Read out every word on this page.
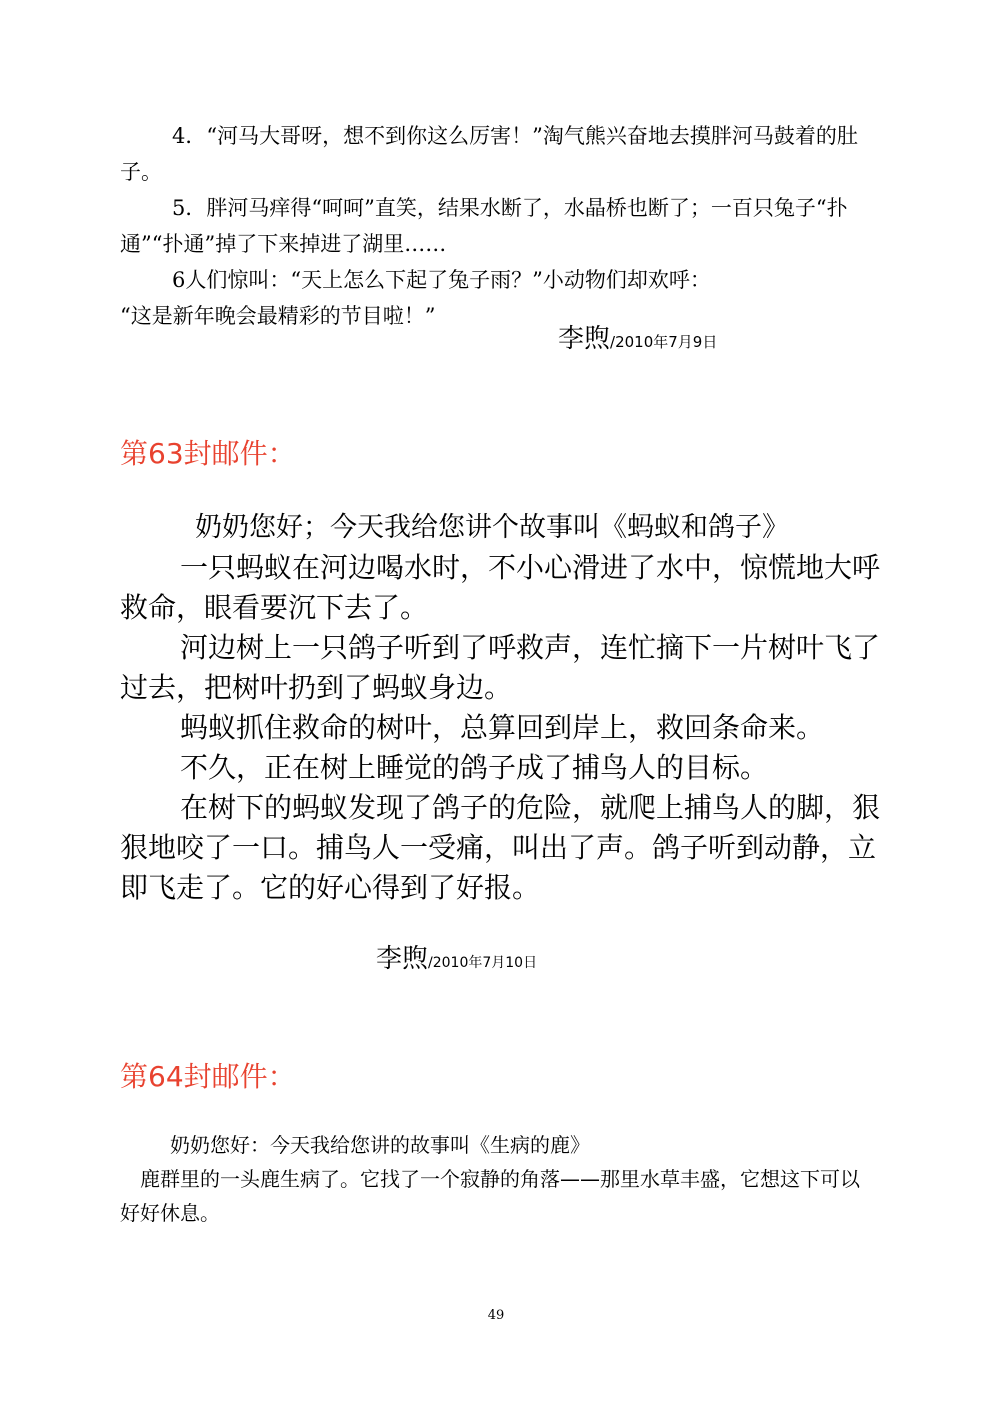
4．“河马大哥呀，想不到你这么厉害！”淘气熊兴奋地去摸胖河马鼓着的肚子。

5．胖河马痒得“呵呵”直笑，结果水断了，水晶桥也断了；一百只兔子“扑通”“扑通”掉了下来掉进了湖里……

6人们惊叫：“天上怎么下起了兔子雨？”小动物们却欢呼：

“这是新年晚会最精彩的节目啦！”

李煦/2010年7月9日
第63封邮件：

奶奶您好；今天我给您讲个故事叫《蚂蚁和鸽子》

一只蚂蚁在河边喝水时，不小心滑进了水中，惊慌地大呼救命，眼看要沉下去了。

河边树上一只鸽子听到了呼救声，连忙摘下一片树叶飞了过去，把树叶扔到了蚂蚁身边。

蚂蚁抓住救命的树叶，总算回到岸上，救回条命来。

不久，正在树上睡觉的鸽子成了捕鸟人的目标。

在树下的蚂蚁发现了鸽子的危险，就爬上捕鸟人的脚，狠狠地咬了一口。捕鸟人一受痛，叫出了声。鸽子听到动静，立即飞走了。它的好心得到了好报。

李煦/2010年7月10日
第64封邮件：

奶奶您好：今天我给您讲的故事叫《生病的鹿》

鹿群里的一头鹿生病了。它找了一个寂静的角落——那里水草丰盛，它想这下可以好好休息。

49
